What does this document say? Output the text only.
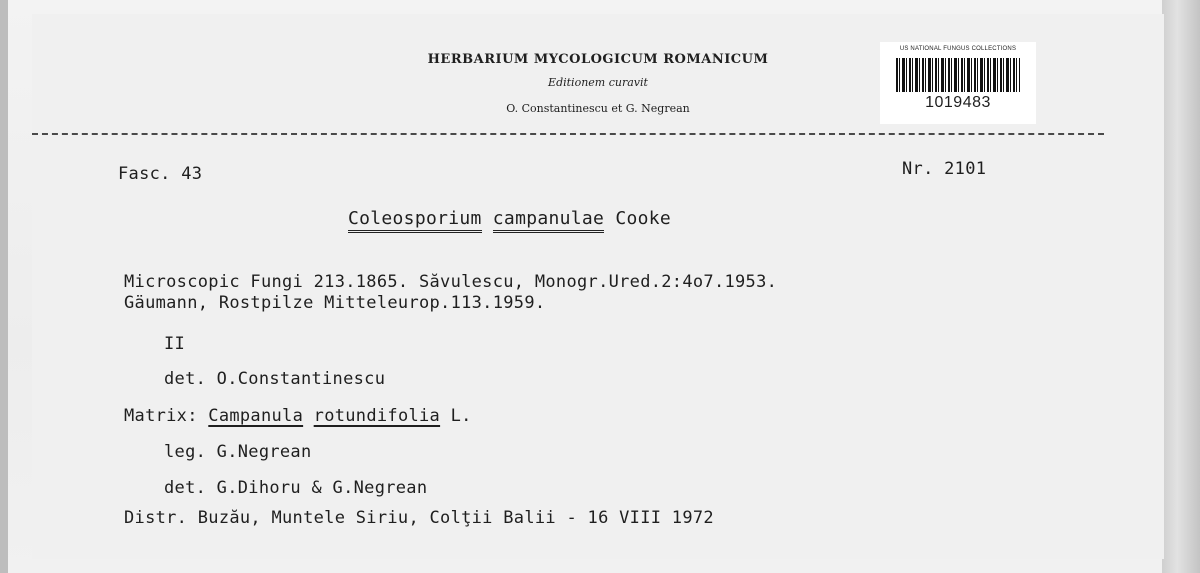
HERBARIUM MYCOLOGICUM ROMANICUM
Editionem curavit
O. Constantinescu et G. Negrean
US NATIONAL FUNGUS COLLECTIONS
1019483
Fasc. 43	Nr. 2101
Coleosporium campanulae Cooke
Microscopic Fungi 213.1865. Săvulescu, Monogr.Ured.2:4o7.1953.
Gäumann, Rostpilze Mitteleurop.113.1959.
II
det. O.Constantinescu
Matrix: Campanula rotundifolia L.
leg. G.Negrean
det. G.Dihoru & G.Negrean
Distr. Buzău, Muntele Siriu, Colţii Balii - 16 VIII 1972
